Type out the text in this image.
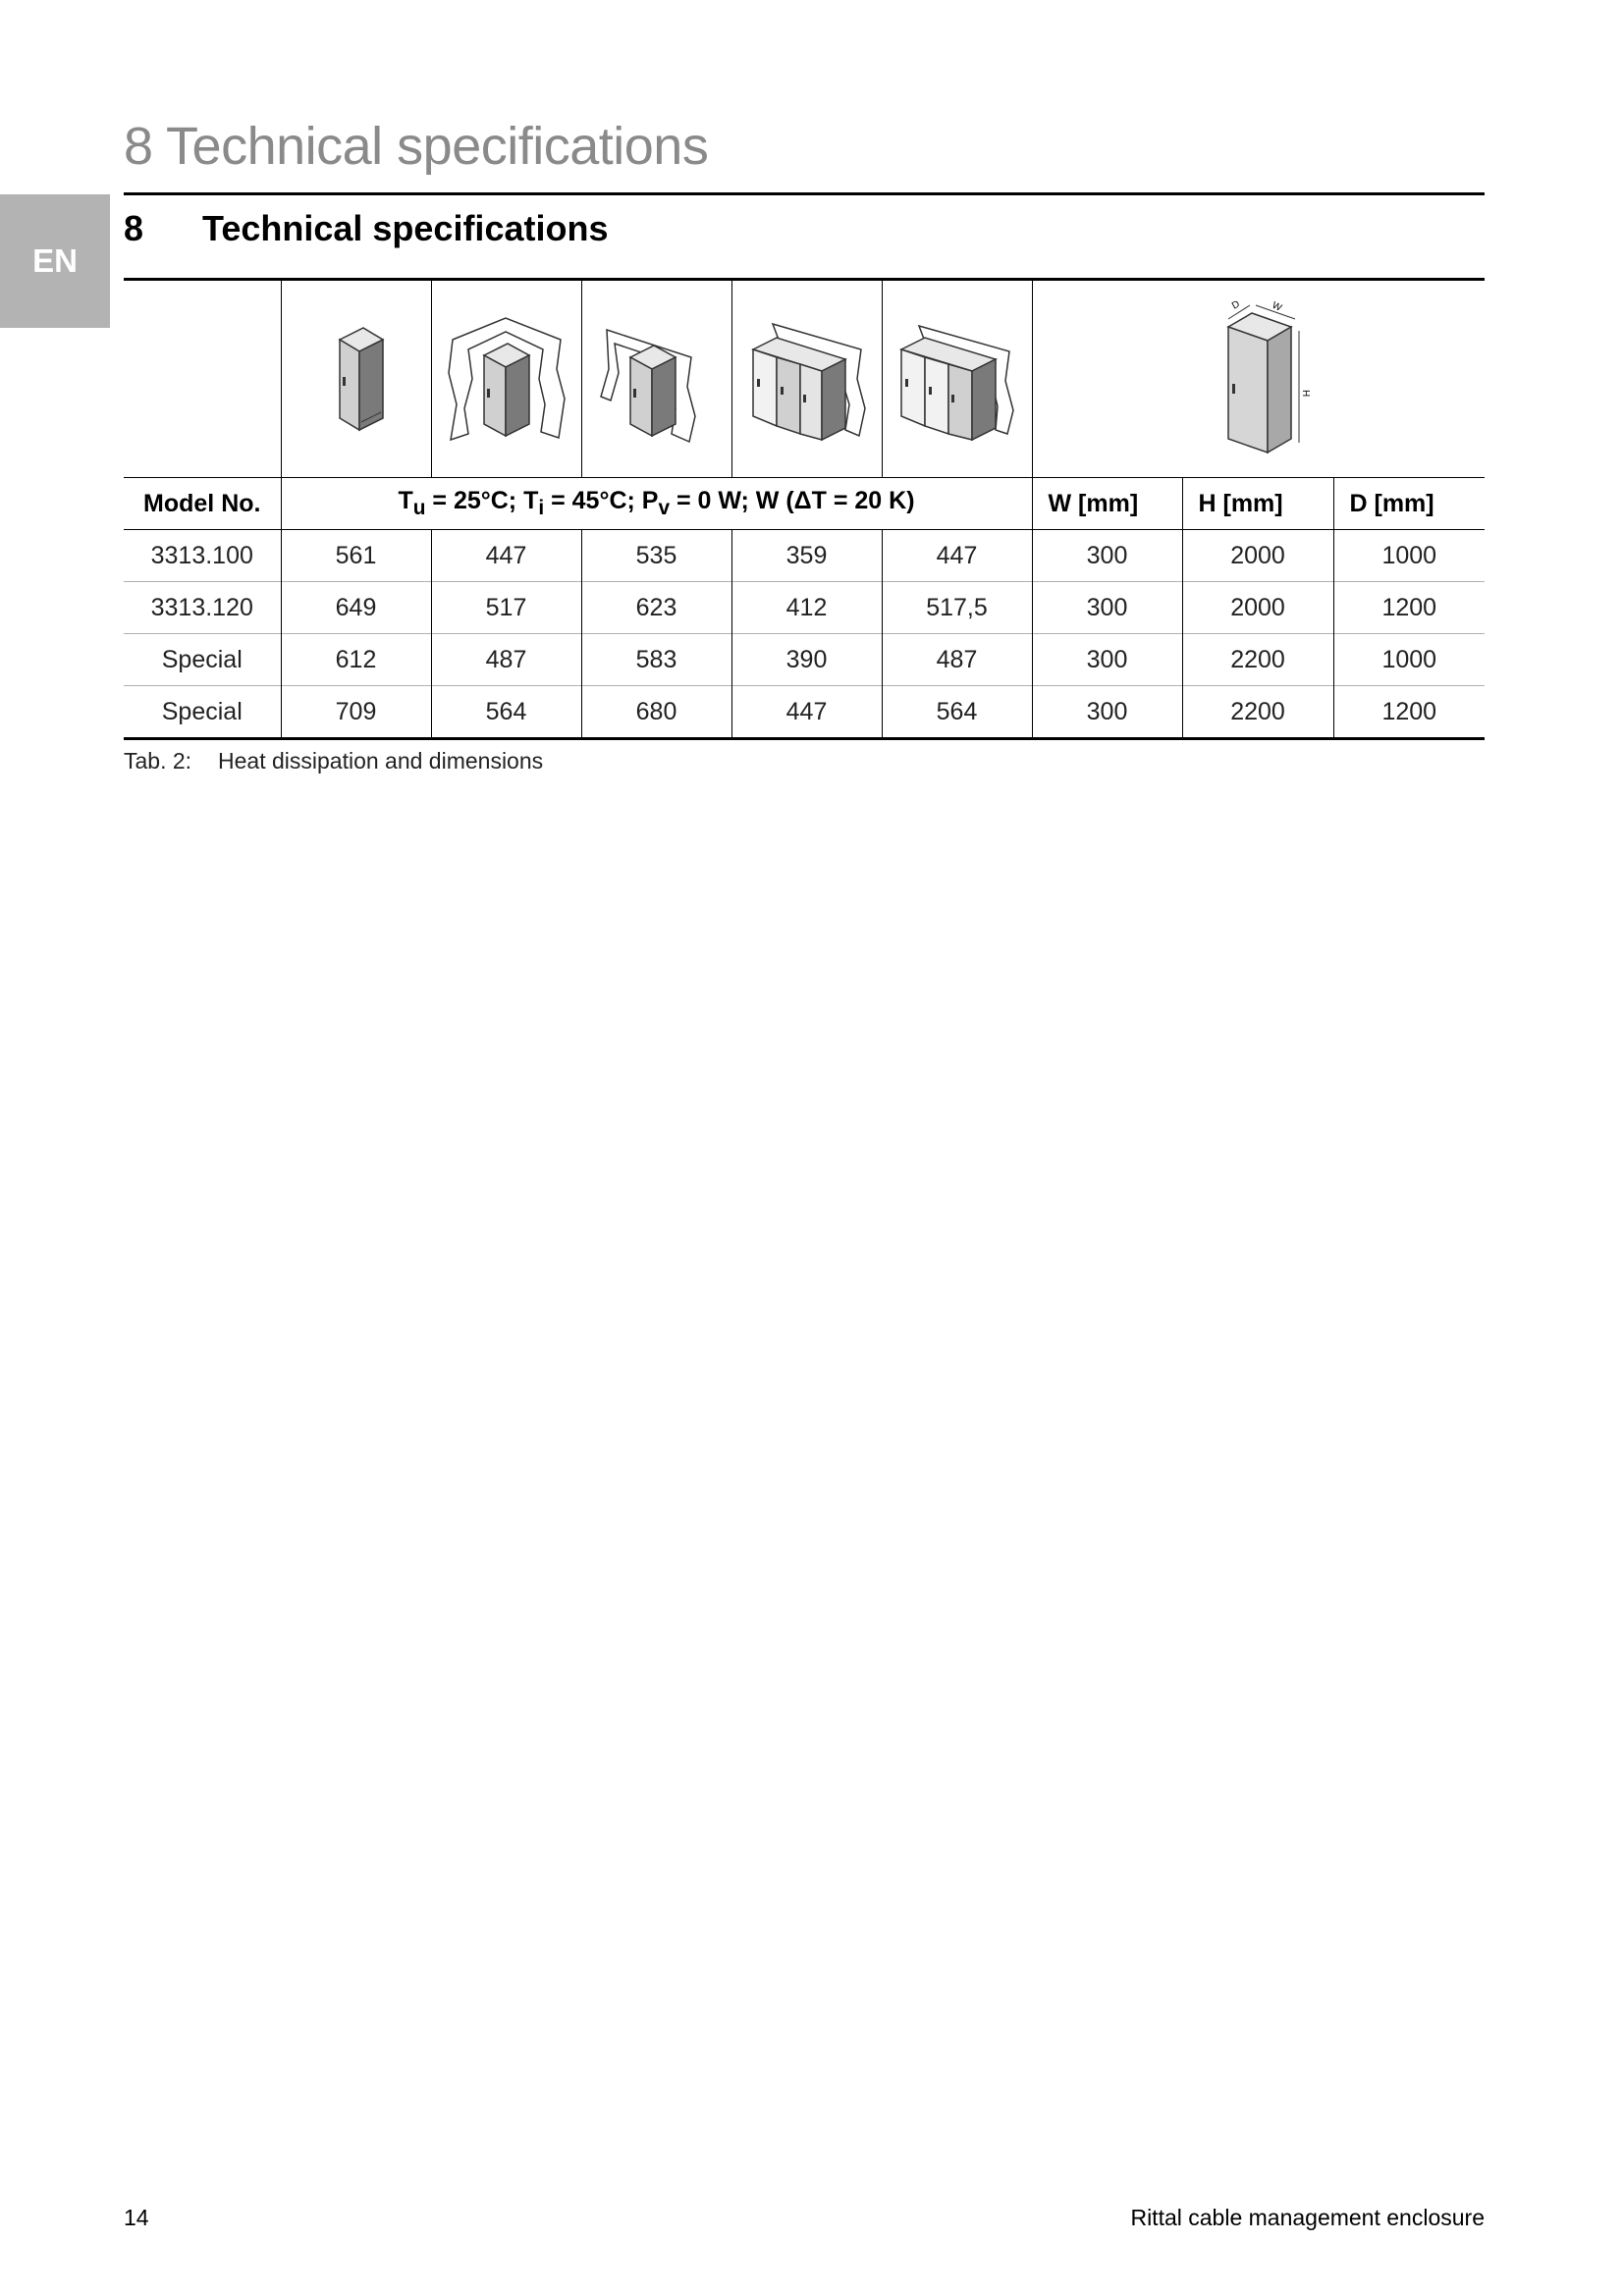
8 Technical specifications
EN
8 Technical specifications

D W
H		

Model No.	$T_u = 25^\circ C$; $T_i = 45^\circ C$; $P_v = 0$ W; W (ΔT = 20 K)					W [mm]	H [mm]	D [mm]
3313.100	561	447	535	359	447	300	2000	1000
3313.120	649	517	623	412	517,5	300	2000	1200
Special	612	487	583	390	487	300	2200	1000
Special	709	564	680	447	564	300	2200	1200
Tab. 2: Heat dissipation and dimensions
14	Rittal cable management enclosure
